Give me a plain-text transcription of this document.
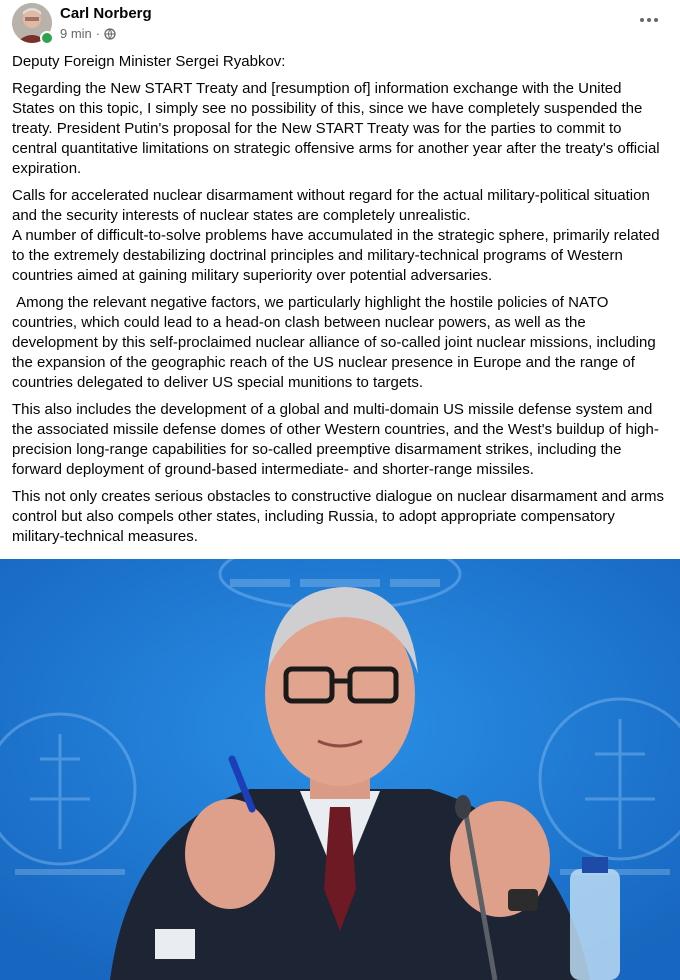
Carl Norberg
9 min ·

Deputy Foreign Minister Sergei Ryabkov:

Regarding the New START Treaty and [resumption of] information exchange with the United States on this topic, I simply see no possibility of this, since we have completely suspended the treaty. President Putin's proposal for the New START Treaty was for the parties to commit to central quantitative limitations on strategic offensive arms for another year after the treaty's official expiration.

Calls for accelerated nuclear disarmament without regard for the actual military-political situation and the security interests of nuclear states are completely unrealistic.
A number of difficult-to-solve problems have accumulated in the strategic sphere, primarily related to the extremely destabilizing doctrinal principles and military-technical programs of Western countries aimed at gaining military superiority over potential adversaries.

Among the relevant negative factors, we particularly highlight the hostile policies of NATO countries, which could lead to a head-on clash between nuclear powers, as well as the development by this self-proclaimed nuclear alliance of so-called joint nuclear missions, including the expansion of the geographic reach of the US nuclear presence in Europe and the range of countries delegated to deliver US special munitions to targets.

This also includes the development of a global and multi-domain US missile defense system and the associated missile defense domes of other Western countries, and the West's buildup of high-precision long-range capabilities for so-called preemptive disarmament strikes, including the forward deployment of ground-based intermediate- and shorter-range missiles.

This not only creates serious obstacles to constructive dialogue on nuclear disarmament and arms control but also compels other states, including Russia, to adopt appropriate compensatory military-technical measures.
